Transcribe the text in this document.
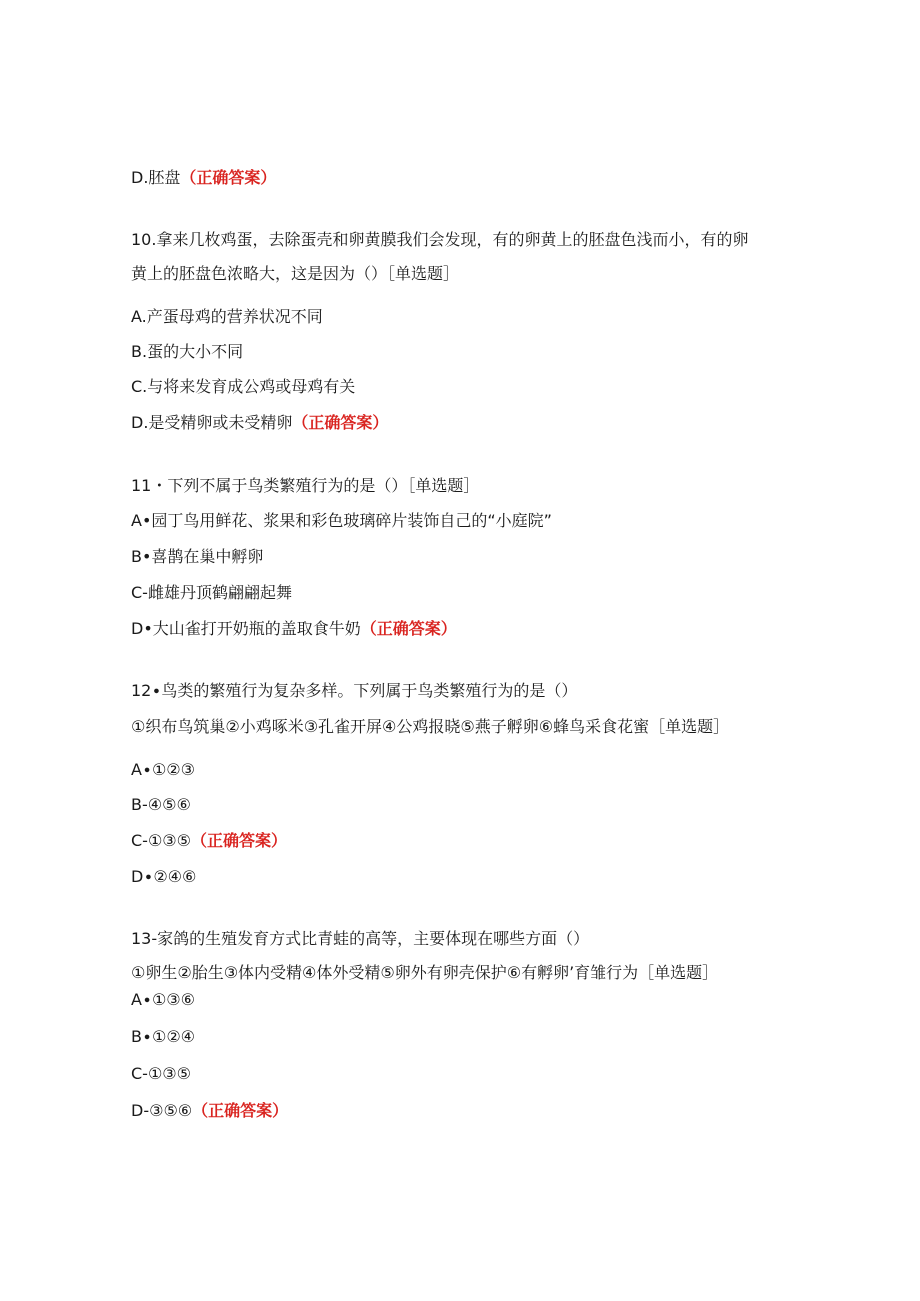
D.胚盘（正确答案）
10.拿来几枚鸡蛋，去除蛋壳和卵黄膜我们会发现，有的卵黄上的胚盘色浅而小，有的卵
黄上的胚盘色浓略大，这是因为（）［单选题］
A.产蛋母鸡的营养状况不同
B.蛋的大小不同
C.与将来发育成公鸡或母鸡有关
D.是受精卵或未受精卵（正确答案）
11・下列不属于鸟类繁殖行为的是（）［单选题］
A•园丁鸟用鲜花、浆果和彩色玻璃碎片装饰自己的“小庭院”
B•喜鹊在巢中孵卵
C-雌雄丹顶鹤翩翩起舞
D•大山雀打开奶瓶的盖取食牛奶（正确答案）
12∙鸟类的繁殖行为复杂多样。下列属于鸟类繁殖行为的是（）
①织布鸟筑巢②小鸡啄米③孔雀开屏④公鸡报晓⑤燕子孵卵⑥蜂鸟采食花蜜［单选题］
A∙①②③
B-④⑤⑥
C-①③⑤（正确答案）
D∙②④⑥
13-家鸽的生殖发育方式比青蛙的高等，主要体现在哪些方面（）
①卵生②胎生③体内受精④体外受精⑤卵外有卵壳保护⑥有孵卵’育雏行为［单选题］
A∙①③⑥
B∙①②④
C-①③⑤
D-③⑤⑥（正确答案）
